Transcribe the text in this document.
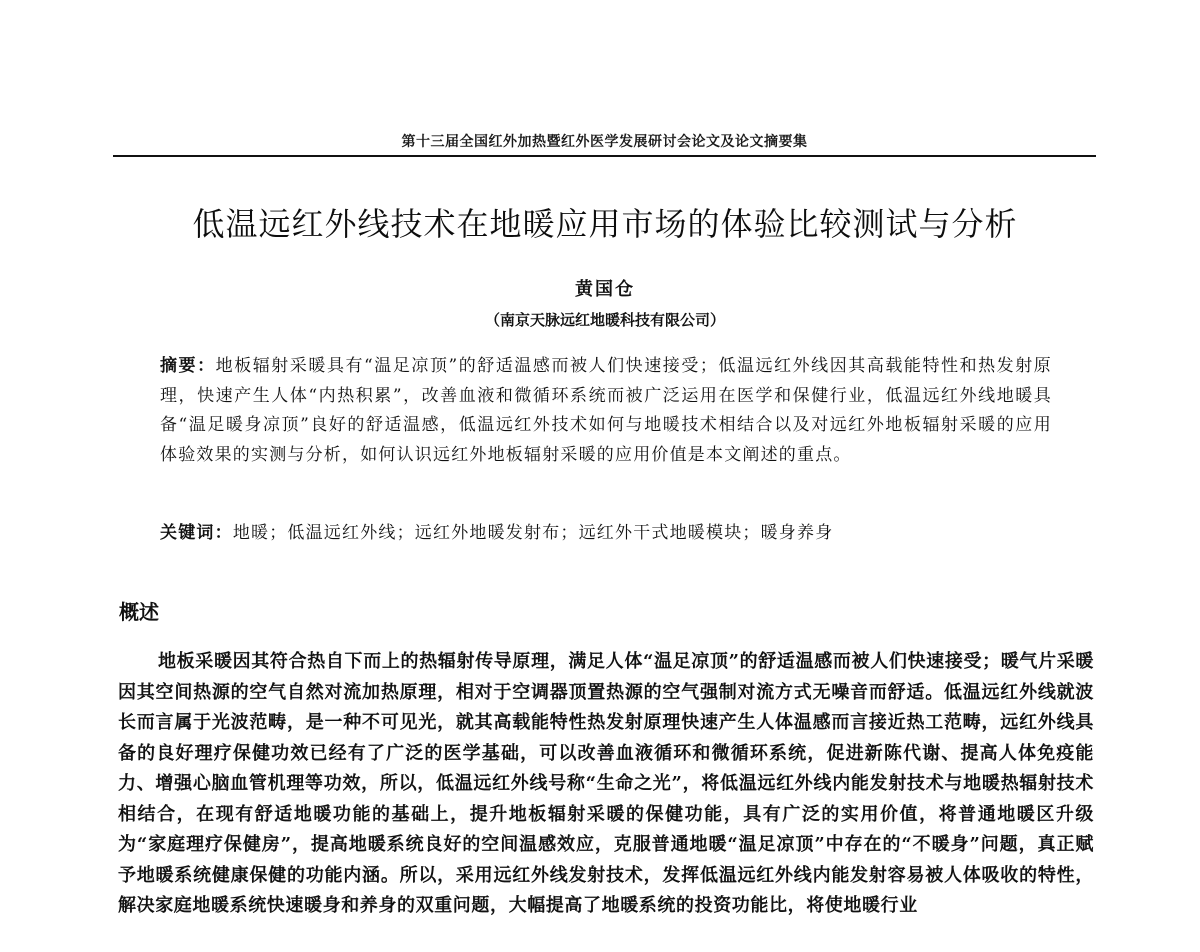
第十三届全国红外加热暨红外医学发展研讨会论文及论文摘要集
低温远红外线技术在地暖应用市场的体验比较测试与分析
黄国仓
（南京天脉远红地暖科技有限公司）
摘要：地板辐射采暖具有“温足凉顶”的舒适温感而被人们快速接受；低温远红外线因其高载能特性和热发射原理，快速产生人体“内热积累”，改善血液和微循环系统而被广泛运用在医学和保健行业，低温远红外线地暖具备“温足暖身凉顶”良好的舒适温感，低温远红外技术如何与地暖技术相结合以及对远红外地板辐射采暖的应用体验效果的实测与分析，如何认识远红外地板辐射采暖的应用价值是本文阐述的重点。
关键词：地暖；低温远红外线；远红外地暖发射布；远红外干式地暖模块；暖身养身
概述
地板采暖因其符合热自下而上的热辐射传导原理，满足人体“温足凉顶”的舒适温感而被人们快速接受；暖气片采暖因其空间热源的空气自然对流加热原理，相对于空调器顶置热源的空气强制对流方式无噪音而舒适。低温远红外线就波长而言属于光波范畴，是一种不可见光，就其高载能特性热发射原理快速产生人体温感而言接近热工范畴，远红外线具备的良好理疗保健功效已经有了广泛的医学基础，可以改善血液循环和微循环系统，促进新陈代谢、提高人体免疫能力、增强心脑血管机理等功效，所以，低温远红外线号称“生命之光”，将低温远红外线内能发射技术与地暖热辐射技术相结合，在现有舒适地暖功能的基础上，提升地板辐射采暖的保健功能，具有广泛的实用价值，将普通地暖区升级为“家庭理疗保健房”，提高地暖系统良好的空间温感效应，克服普通地暖“温足凉顶”中存在的“不暖身”问题，真正赋予地暖系统健康保健的功能内涵。所以，采用远红外线发射技术，发挥低温远红外线内能发射容易被人体吸收的特性，解决家庭地暖系统快速暖身和养身的双重问题，大幅提高了地暖系统的投资功能比，将使地暖行业
